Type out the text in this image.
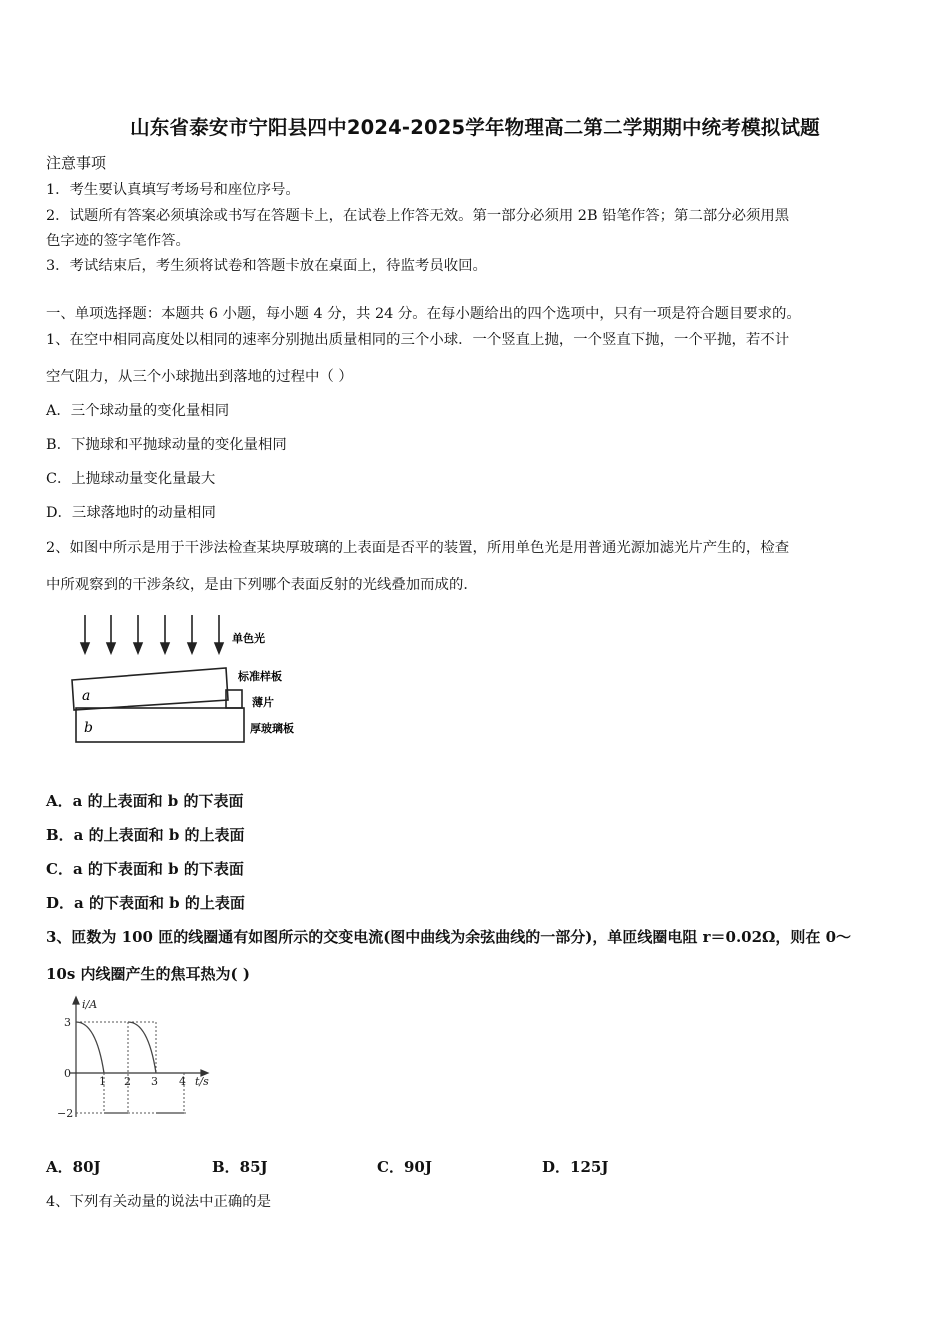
山东省泰安市宁阳县四中2024-2025学年物理高二第二学期期中统考模拟试题
注意事项
1．考生要认真填写考场号和座位序号。
2．试题所有答案必须填涂或书写在答题卡上，在试卷上作答无效。第一部分必须用 2B 铅笔作答；第二部分必须用黑
色字迹的签字笔作答。
3．考试结束后，考生须将试卷和答题卡放在桌面上，待监考员收回。
一、单项选择题：本题共 6 小题，每小题 4 分，共 24 分。在每小题给出的四个选项中，只有一项是符合题目要求的。
1、在空中相同高度处以相同的速率分别抛出质量相同的三个小球．一个竖直上抛，一个竖直下抛，一个平抛，若不计
空气阻力，从三个小球抛出到落地的过程中（ ）
A．三个球动量的变化量相同
B．下抛球和平抛球动量的变化量相同
C．上抛球动量变化量最大
D．三球落地时的动量相同
2、如图中所示是用于干涉法检查某块厚玻璃的上表面是否平的装置，所用单色光是用普通光源加滤光片产生的，检查
中所观察到的干涉条纹，是由下列哪个表面反射的光线叠加而成的．
a
b
单色光
标准样板
薄片
厚玻璃板
A．a 的上表面和 b 的下表面
B．a 的上表面和 b 的上表面
C．a 的下表面和 b 的下表面
D．a 的下表面和 b 的上表面
3、匝数为 100 匝的线圈通有如图所示的交变电流(图中曲线为余弦曲线的一部分)，单匝线圈电阻 r＝0.02Ω，则在 0～
10s 内线圈产生的焦耳热为( )
i/A
3
0
−2
1 2 3 4 t/s
A．80J	B．85J	C．90J	D．125J
4、下列有关动量的说法中正确的是
